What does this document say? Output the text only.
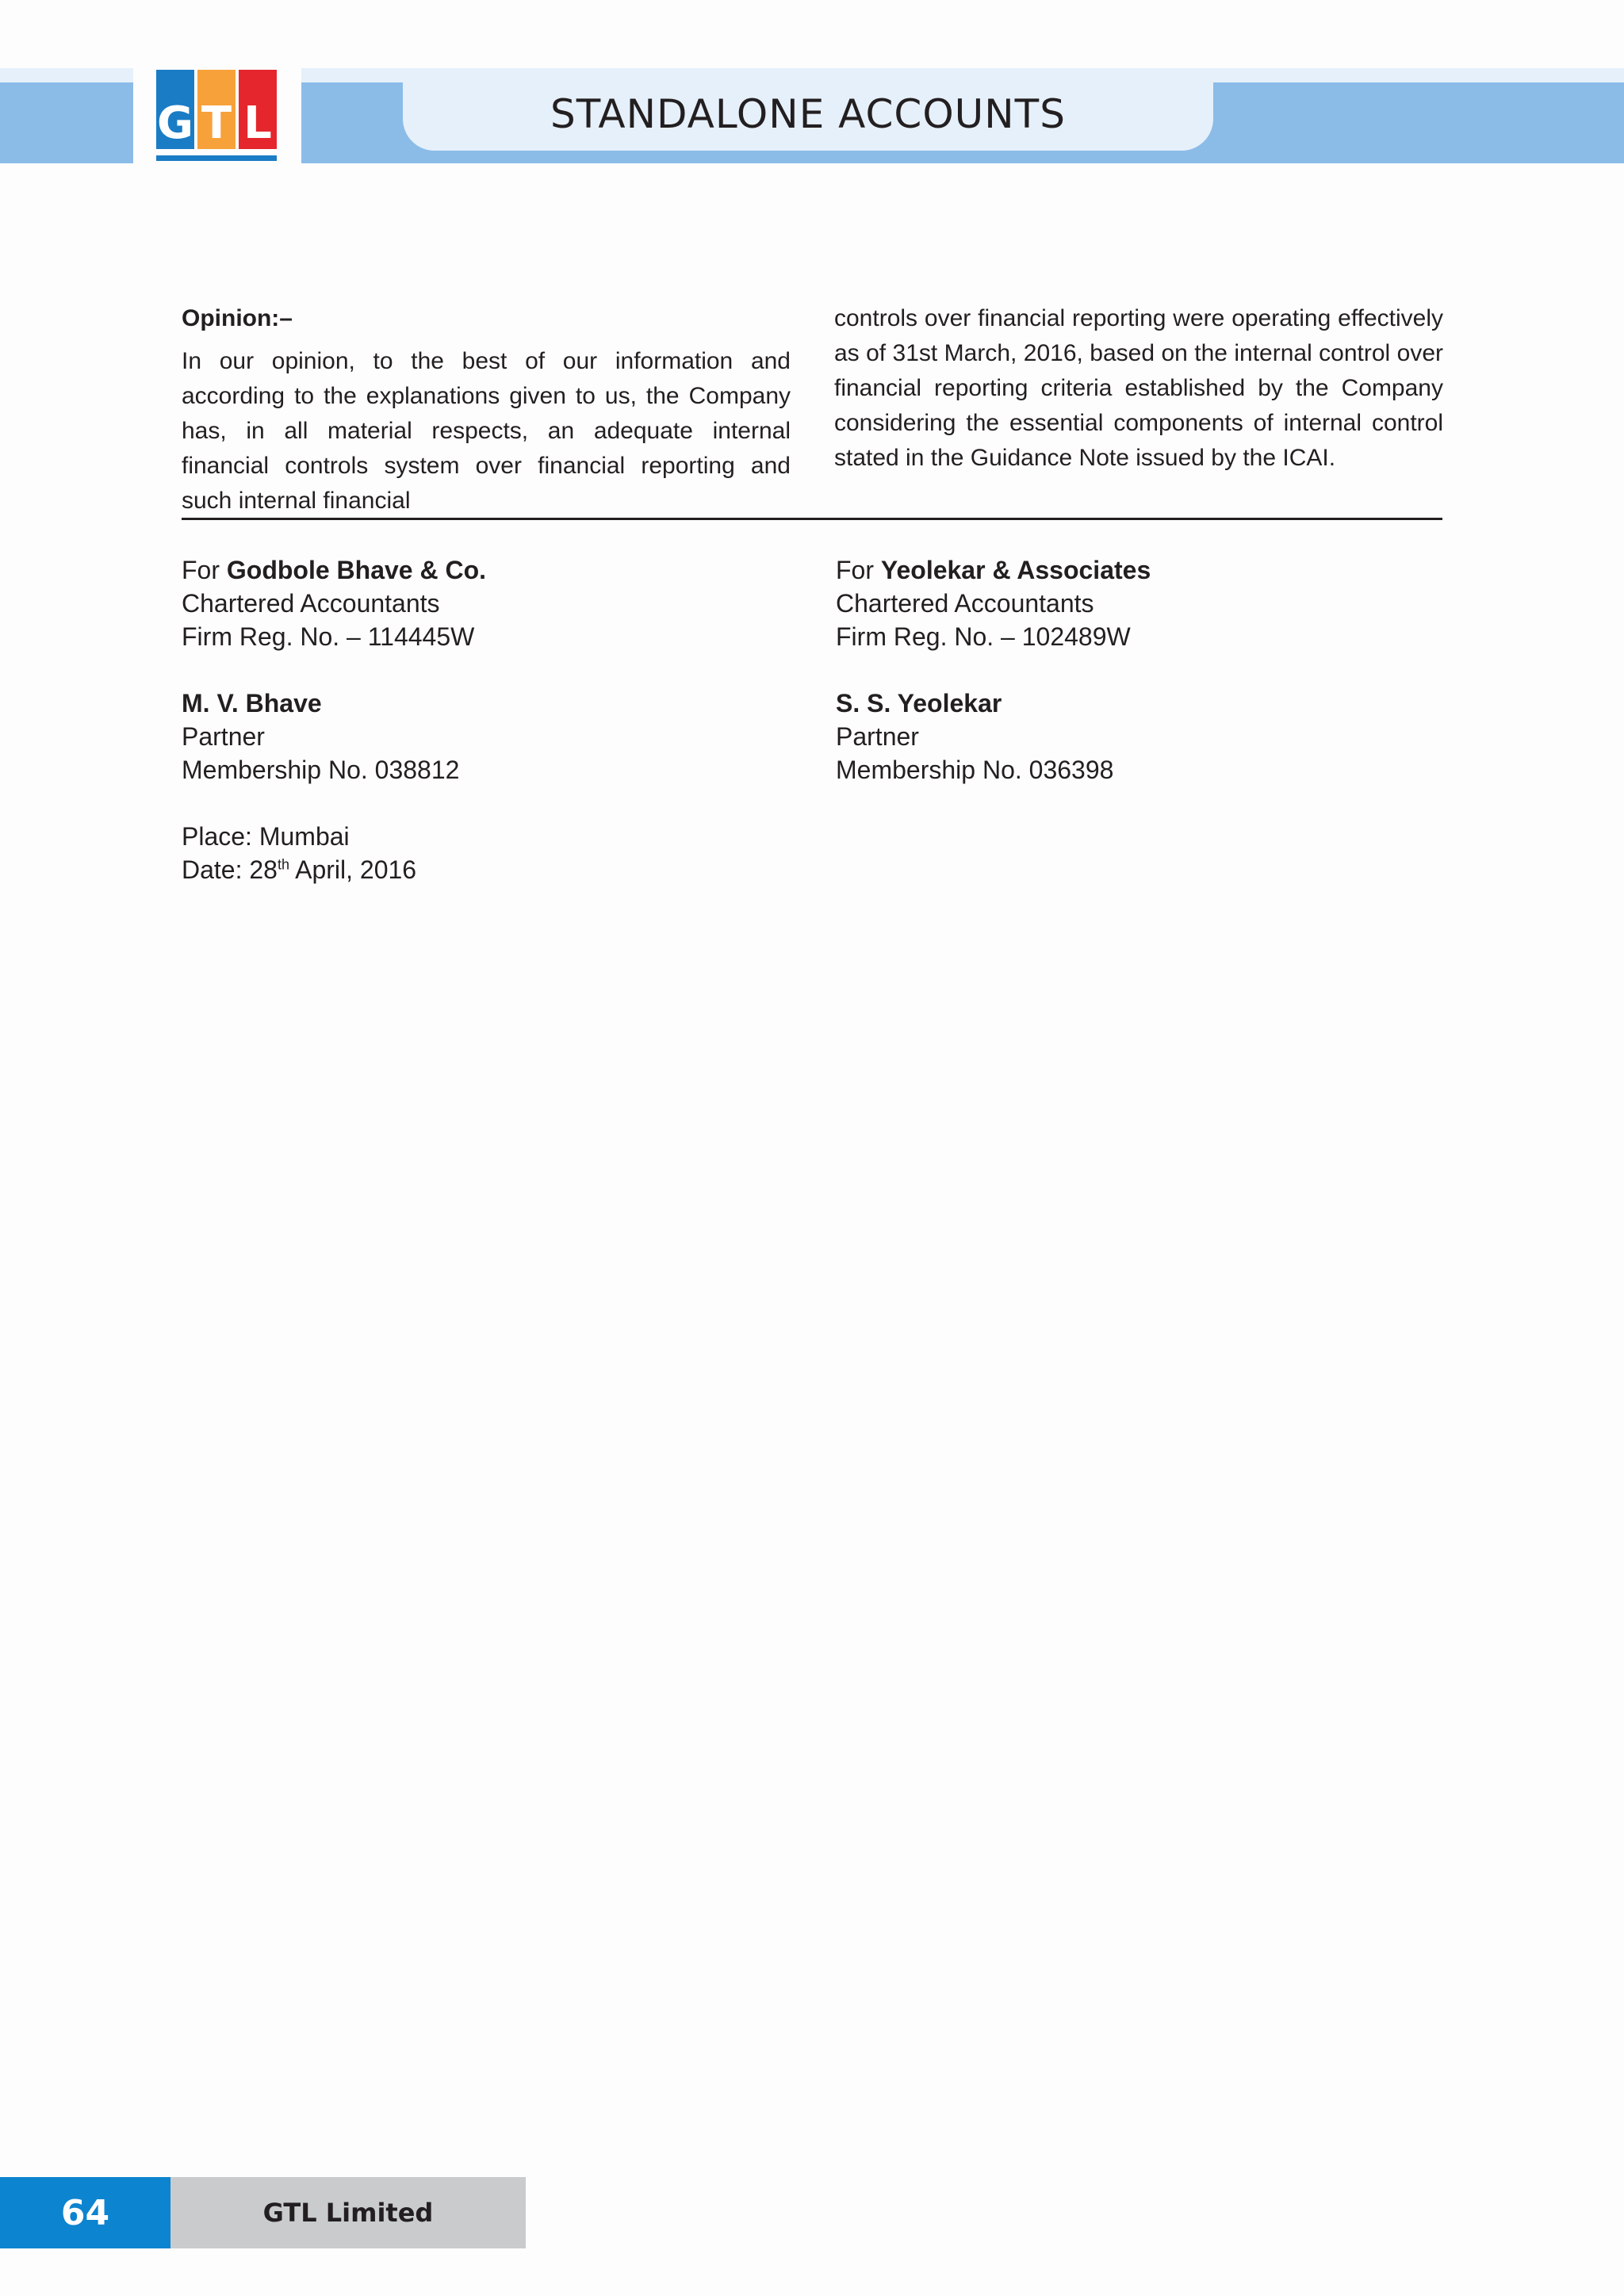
G T L	STANDALONE ACCOUNTS

Opinion:–

In our opinion, to the best of our information and according to the explanations given to us, the Company has, in all material respects, an adequate internal financial controls system over financial reporting and such internal financial

controls over financial reporting were operating effectively as of 31st March, 2016, based on the internal control over financial reporting criteria established by the Company considering the essential components of internal control stated in the Guidance Note issued by the ICAI.

For Godbole Bhave & Co.
Chartered Accountants
Firm Reg. No. – 114445W
M. V. Bhave
Partner
Membership No. 038812
Place: Mumbai
Date: 28th April, 2016
For Yeolekar & Associates
Chartered Accountants
Firm Reg. No. – 102489W
S. S. Yeolekar
Partner
Membership No. 036398
64	GTL Limited
